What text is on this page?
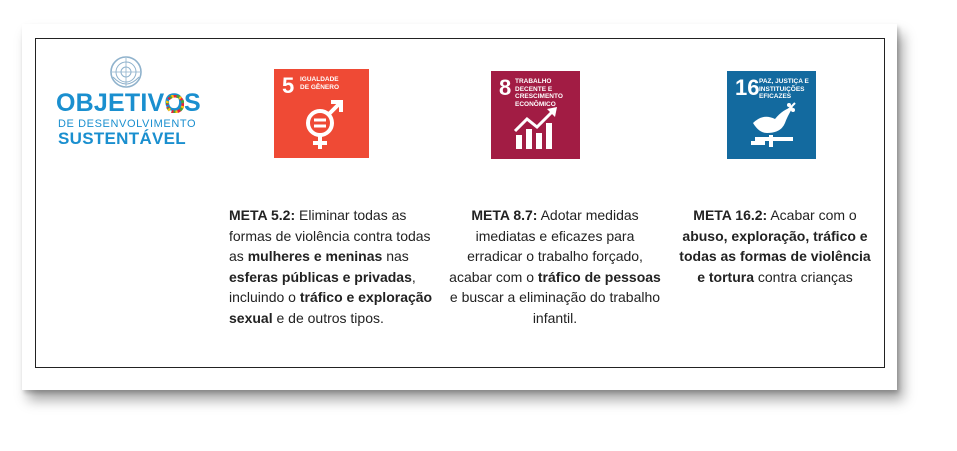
OBJETIVOS
DE DESENVOLVIMENTO
SUSTENTÁVEL
5 IGUALDADE DE GÊNERO	8 TRABALHO DECENTE E CRESCIMENTO ECONÔMICO
16 PAZ, JUSTIÇA E INSTITUIÇÕES EFICAZES
META 5.2: Eliminar todas as formas de violência contra todas as mulheres e meninas nas esferas públicas e privadas, incluindo o tráfico e exploração sexual e de outros tipos.
META 8.7: Adotar medidas imediatas e eficazes para erradicar o trabalho forçado, acabar com o tráfico de pessoas e buscar a eliminação do trabalho infantil.
META 16.2: Acabar com o abuso, exploração, tráfico e todas as formas de violência e tortura contra crianças
